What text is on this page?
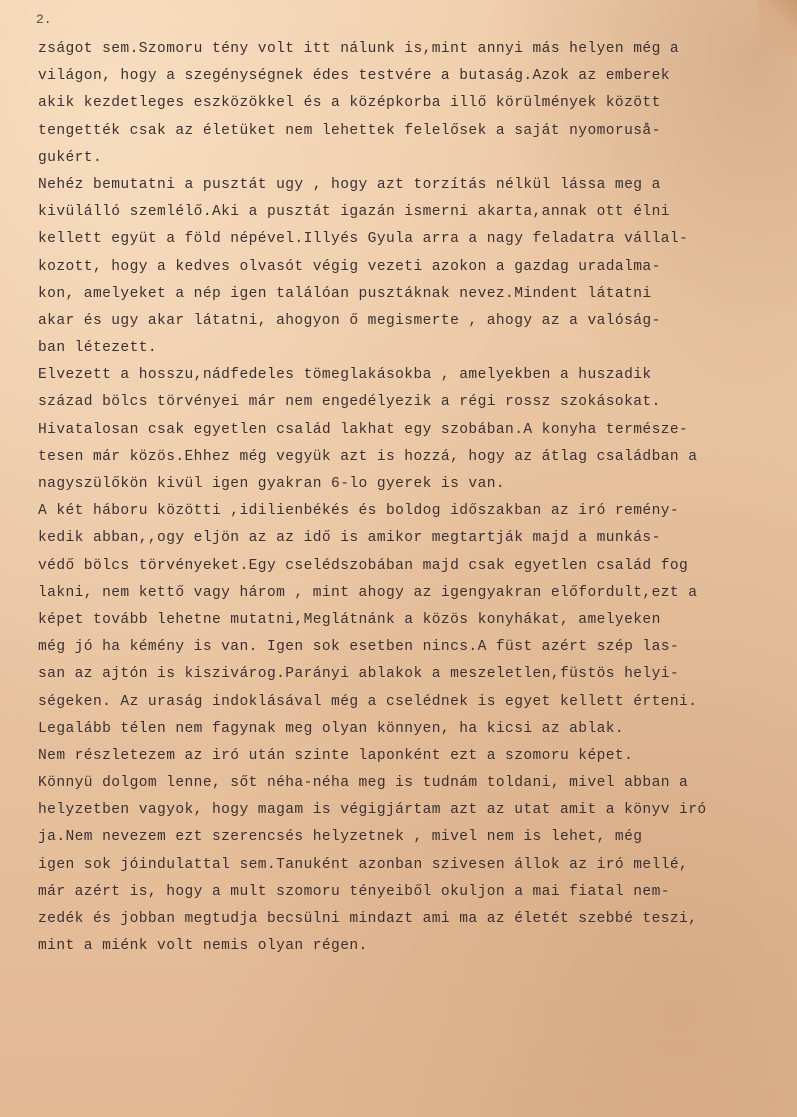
2.
zságot sem.Szomoru tény volt itt nálunk is,mint annyi más helyen még a
világon, hogy a szegénységnek édes testvére a butaság.Azok az emberek
akik kezdetleges eszközökkel és a középkorba illő körülmények között
tengették csak az életüket nem lehettek felelősek a saját nyomoruså-
gukért.
Nehéz bemutatni a pusztát ugy , hogy azt torzítás nélkül lássa meg a
kivülálló szemlélő.Aki a pusztát igazán ismerni akarta,annak ott élni
kellett együt a föld népével.Illyés Gyula arra a nagy feladatra vállal-
kozott, hogy a kedves olvasót végig vezeti azokon a gazdag uradalma-
kon, amelyeket a nép igen találóan pusztáknak nevez.Mindent látatni
akar és ugy akar látatni, ahogyon ő megismerte , ahogy az a valóság-
ban létezett.
Elvezett a hosszu,nádfedeles tömeglakásokba , amelyekben a huszadik
század bölcs törvényei már nem engedélyezik a régi rossz szokásokat.
Hivatalosan csak egyetlen család lakhat egy szobában.A konyha természe-
tesen már közös.Ehhez még vegyük azt is hozzá, hogy az átlag családban a
nagyszülőkön kivül igen gyakran 6-lo gyerek is van.
A két háboru közötti ,idilienbékés és boldog időszakban az iró remény-
kedik abban,,ogy eljön az az idő is amikor megtartják majd a munkás-
védő bölcs törvényeket.Egy cselédszobában majd csak egyetlen család fog
lakni, nem kettő vagy három , mint ahogy az igengyakran előfordult,ezt a
képet tovább lehetne mutatni,Meglátnánk a közös konyhákat, amelyeken
még jó ha kémény is van. Igen sok esetben nincs.A füst azért szép las-
san az ajtón is kiszivárog.Parányi ablakok a meszeletlen,füstös helyi-
ségeken. Az uraság indoklásával még a cselédnek is egyet kellett érteni.
Legalább télen nem fagynak meg olyan könnyen, ha kicsi az ablak.
Nem részletezem az iró után szinte laponként ezt a szomoru képet.
Könnyü dolgom lenne, sőt néha-néha meg is tudnám toldani, mivel abban a
helyzetben vagyok, hogy magam is végigjártam azt az utat amit a könyv iró
ja.Nem nevezem ezt szerencsés helyzetnek , mivel nem is lehet, még
igen sok jóindulattal sem.Tanuként azonban szivesen állok az iró mellé,
már azért is, hogy a mult szomoru tényeiből okuljon a mai fiatal nem-
zedék és jobban megtudja becsülni mindazt ami ma az életét szebbé teszi,
mint a miénk volt nemis olyan régen.
